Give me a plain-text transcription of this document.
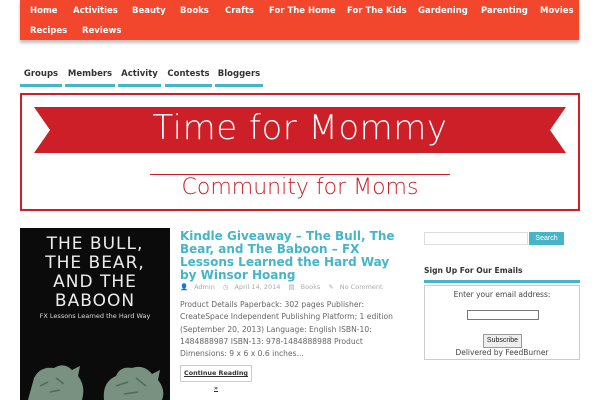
Home Activities Beauty Books Crafts For The Home For The Kids Gardening Parenting Movies
Recipes Reviews
Groups	Members	Activity	Contests Bloggers
Time for Mommy
Community for Moms
THE BULL,
THE BEAR,
AND THE
BABOON
FX Lessons Learned the Hard Way
Kindle Giveaway – The Bull, The Bear, and The Baboon – FX Lessons Learned the Hard Way by Winsor Hoang
👤 Admin ◷ April 14, 2014 ▤ Books ✎ No Comment

Product Details Paperback: 302 pages Publisher: CreateSpace Independent Publishing Platform; 1 edition (September 20, 2013) Language: English ISBN-10: 1484888987 ISBN-13: 978-1484888988 Product Dimensions: 9 x 6 x 0.6 inches...

Continue Reading »
Search
Sign Up For Our Emails
Enter your email address:
Subscribe
Delivered by FeedBurner
